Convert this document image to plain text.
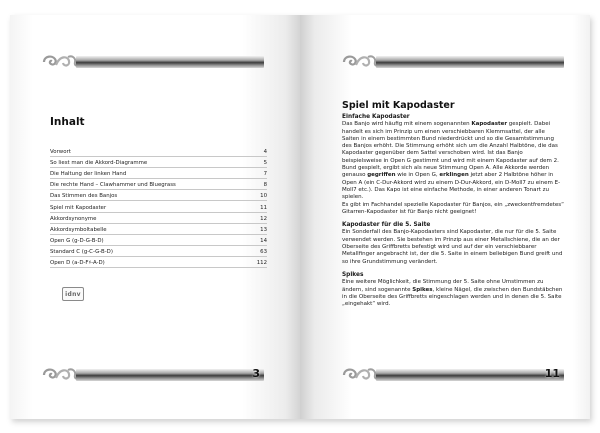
Inhalt
Vorwort	4
So liest man die Akkord-Diagramme	5
Die Haltung der linken Hand	7
Die rechte Hand – Clawhammer und Bluegrass	8
Das Stimmen des Banjos	10
Spiel mit Kapodaster	11
Akkordsynonyme	12
Akkordsymboltabelle	13
Open G (g-D-G-B-D)	14
Standard C (g-C-G-B-D)	63
Open D (a-D-F♯-A-D)	112
idnv
3
Spiel mit Kapodaster
Einfache Kapodaster

Das Banjo wird häufig mit einem sogenannten Kapodaster gespielt. Dabei handelt es sich im Prinzip um einen verschiebbaren Klemmsattel, der alle Saiten in einem bestimmten Bund niederdrückt und so die Gesamtstimmung des Banjos erhöht. Die Stimmung erhöht sich um die Anzahl Halbtöne, die das Kapodaster gegenüber dem Sattel verschoben wird. Ist das Banjo beispielsweise in Open G gestimmt und wird mit einem Kapodaster auf dem 2. Bund gespielt, ergibt sich als neue Stimmung Open A. Alle Akkorde werden genauso gegriffen wie in Open G, erklingen jetzt aber 2 Halbtöne höher in Open A (ein C-Dur-Akkord wird zu einem D-Dur-Akkord, ein D-Moll7 zu einem E-Moll7 etc.). Das Kapo ist eine einfache Methode, in einer anderen Tonart zu spielen.

Es gibt im Fachhandel spezielle Kapodaster für Banjos, ein „zweckentfremdetes“ Gitarren-Kapodaster ist für Banjo nicht geeignet!

Kapodaster für die 5. Saite

Ein Sonderfall des Banjo-Kapodasters sind Kapodaster, die nur für die 5. Saite verwendet werden. Sie bestehen im Prinzip aus einer Metallschiene, die an der Oberseite des Griffbretts befestigt wird und auf der ein verschiebbarer Metallfinger angebracht ist, der die 5. Saite in einem beliebigen Bund greift und so ihre Grundstimmung verändert.

Spikes

Eine weitere Möglichkeit, die Stimmung der 5. Saite ohne Umstimmen zu ändern, sind sogenannte Spikes, kleine Nägel, die zwischen den Bundstäbchen in die Oberseite des Griffbretts eingeschlagen werden und in denen die 5. Saite „eingehakt“ wird.

11
